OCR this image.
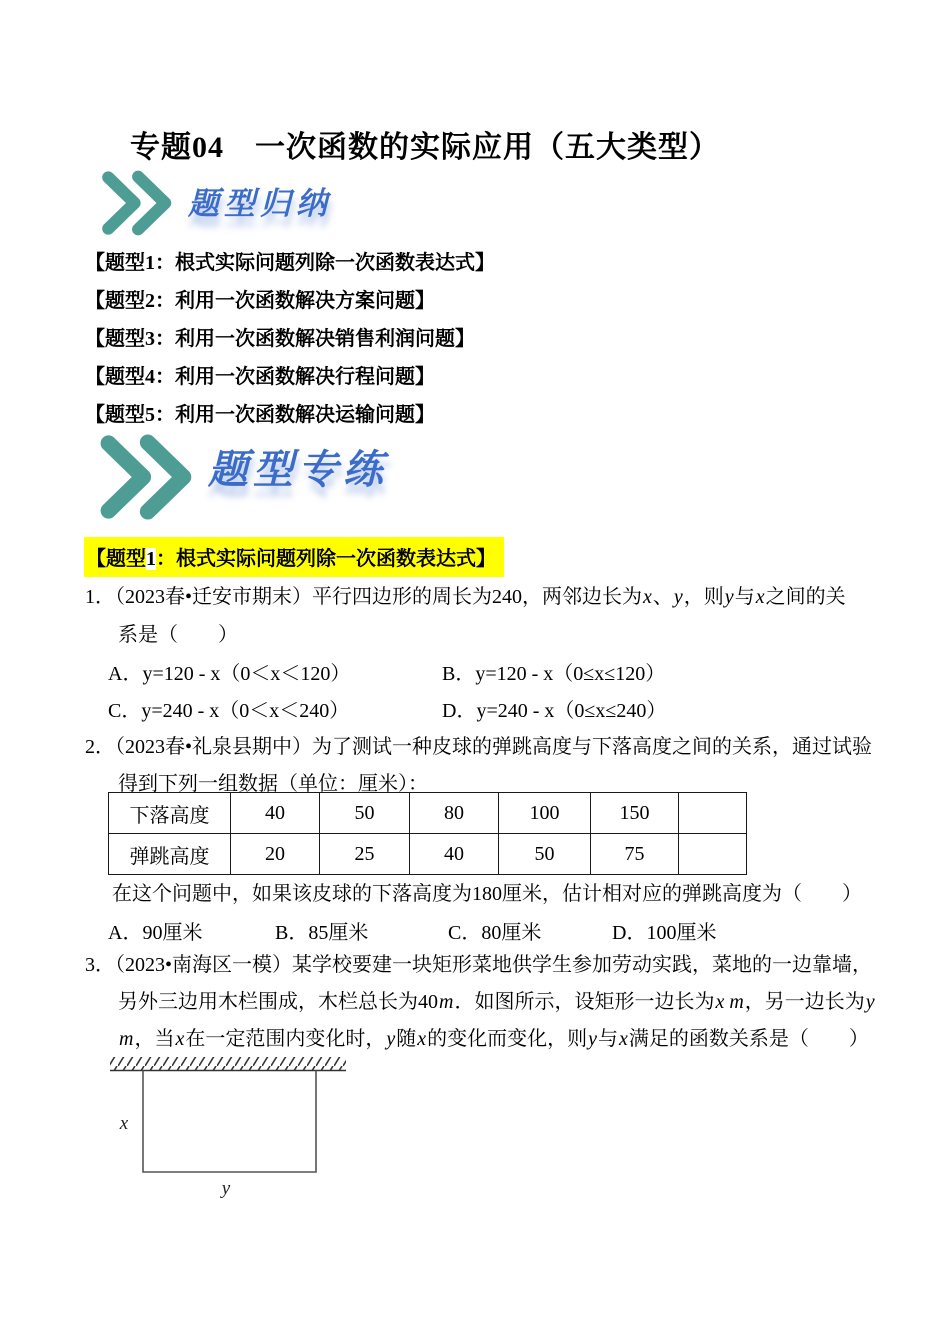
专题04　一次函数的实际应用（五大类型）
题型归纳
【题型1：根式实际问题列除一次函数表达式】
【题型2：利用一次函数解决方案问题】
【题型3：利用一次函数解决销售利润问题】
【题型4：利用一次函数解决行程问题】
【题型5：利用一次函数解决运输问题】
题型专练
【题型1：根式实际问题列除一次函数表达式】
1．（2023春•迁安市期末）平行四边形的周长为240，两邻边长为x、y，则y与x之间的关
系是（　　）
A．y=120 - x（0＜x＜120）	B．y=120 - x（0≤x≤120）
C．y=240 - x（0＜x＜240）	D．y=240 - x（0≤x≤240）
2．（2023春•礼泉县期中）为了测试一种皮球的弹跳高度与下落高度之间的关系，通过试验
得到下列一组数据（单位：厘米）：
下落高度	40	50	80	100	150	
弹跳高度	20	25	40	50	75	
在这个问题中，如果该皮球的下落高度为180厘米，估计相对应的弹跳高度为（　　）
A．90厘米	B．85厘米	C．80厘米	D．100厘米
3．（2023•南海区一模）某学校要建一块矩形菜地供学生参加劳动实践，菜地的一边靠墙，
另外三边用木栏围成，木栏总长为40m．如图所示，设矩形一边长为x m，另一边长为y
m，当x在一定范围内变化时，y随x的变化而变化，则y与x满足的函数关系是（　　）
x
y
